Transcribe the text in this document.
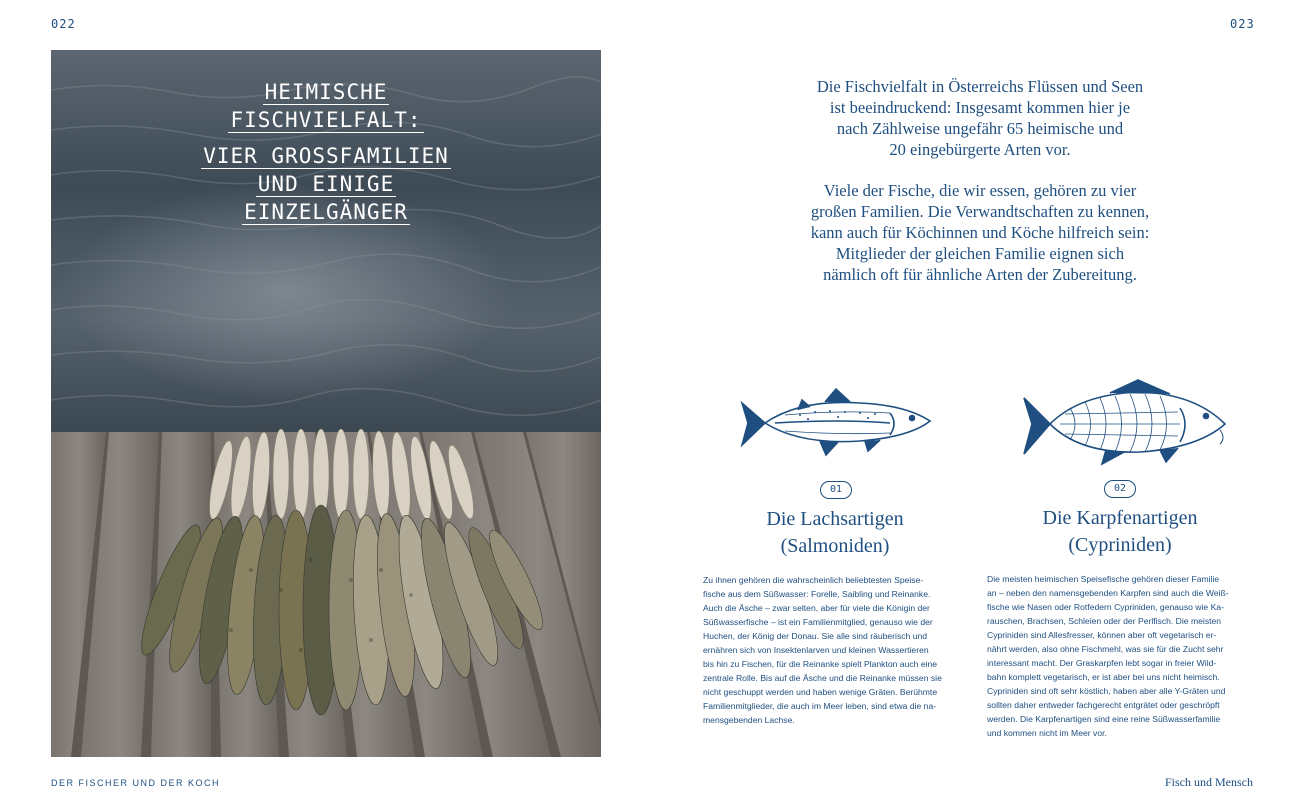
022	023
HEIMISCHE
FISCHVIELFALT:
VIER GROSSFAMILIEN
UND EINIGE
EINZELGÄNGER

Die Fischvielfalt in Österreichs Flüssen und Seen
ist beeindruckend: Insgesamt kommen hier je
nach Zählweise ungefähr 65 heimische und
20 eingebürgerte Arten vor.

Viele der Fische, die wir essen, gehören zu vier
großen Familien. Die Verwandtschaften zu kennen,
kann auch für Köchinnen und Köche hilfreich sein:
Mitglieder der gleichen Familie eignen sich
nämlich oft für ähnliche Arten der Zubereitung.

01
Die Lachsartigen
(Salmoniden)
Zu ihnen gehören die wahrscheinlich beliebtesten Speise-
fische aus dem Süßwasser: Forelle, Saibling und Reinanke.
Auch die Äsche – zwar selten, aber für viele die Königin der
Süßwasserfische – ist ein Familienmitglied, genauso wie der
Huchen, der König der Donau. Sie alle sind räuberisch und
ernähren sich von Insektenlarven und kleinen Wassertieren
bis hin zu Fischen, für die Reinanke spielt Plankton auch eine
zentrale Rolle. Bis auf die Äsche und die Reinanke müssen sie
nicht geschuppt werden und haben wenige Gräten. Berühmte
Familienmitglieder, die auch im Meer leben, sind etwa die na-
mensgebenden Lachse.
02
Die Karpfenartigen
(Cypriniden)
Die meisten heimischen Speisefische gehören dieser Familie
an – neben den namensgebenden Karpfen sind auch die Weiß-
fische wie Nasen oder Rotfedern Cypriniden, genauso wie Ka-
rauschen, Brachsen, Schleien oder der Perlfisch. Die meisten
Cypriniden sind Allesfresser, können aber oft vegetarisch er-
nährt werden, also ohne Fischmehl, was sie für die Zucht sehr
interessant macht. Der Graskarpfen lebt sogar in freier Wild-
bahn komplett vegetarisch, er ist aber bei uns nicht heimisch.
Cypriniden sind oft sehr köstlich, haben aber alle Y-Gräten und
sollten daher entweder fachgerecht entgrätet oder geschröpft
werden. Die Karpfenartigen sind eine reine Süßwasserfamilie
und kommen nicht im Meer vor.
DER FISCHER UND DER KOCH	Fisch und Mensch
